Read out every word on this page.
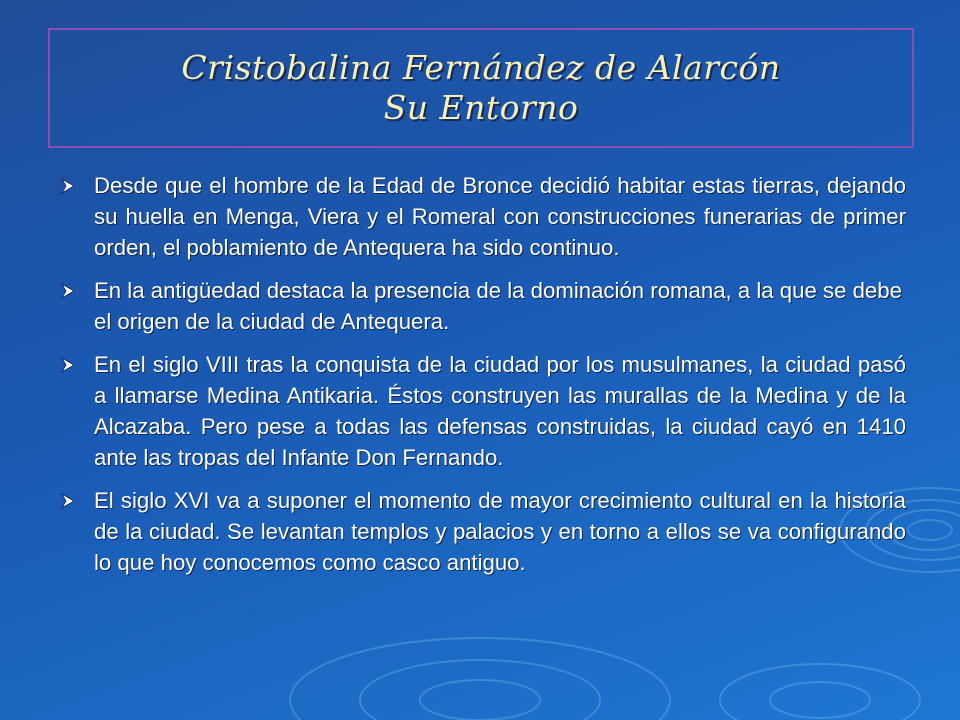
Cristobalina Fernández de Alarcón
Su Entorno
Desde que el hombre de la Edad de Bronce decidió habitar estas tierras, dejando su huella en Menga, Viera y el Romeral con construcciones funerarias de primer orden, el poblamiento de Antequera ha sido continuo.
En la antigüedad destaca la presencia de la dominación romana, a la que se debe el origen de la ciudad de Antequera.
En el siglo VIII tras la conquista de la ciudad por los musulmanes, la ciudad pasó a llamarse Medina Antikaria. Éstos construyen las murallas de la Medina y de la Alcazaba. Pero pese a todas las defensas construidas, la ciudad cayó en 1410 ante las tropas del Infante Don Fernando.
El siglo XVI va a suponer el momento de mayor crecimiento cultural en la historia de la ciudad. Se levantan templos y palacios y en torno a ellos se va configurando lo que hoy conocemos como casco antiguo.
